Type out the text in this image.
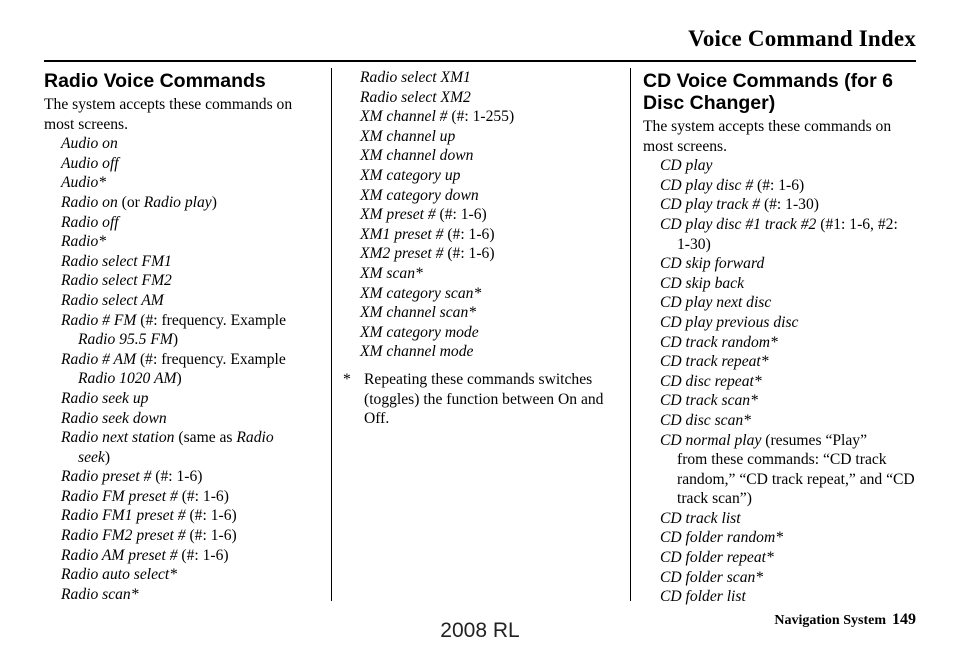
Voice Command Index
Radio Voice Commands
The system accepts these commands on most screens.
Audio on
Audio off
Audio*
Radio on (or Radio play)
Radio off
Radio*
Radio select FM1
Radio select FM2
Radio select AM
Radio # FM (#: frequency. Example
Radio 95.5 FM)
Radio # AM (#: frequency. Example
Radio 1020 AM)
Radio seek up
Radio seek down
Radio next station (same as Radio
seek)
Radio preset # (#: 1-6)
Radio FM preset # (#: 1-6)
Radio FM1 preset # (#: 1-6)
Radio FM2 preset # (#: 1-6)
Radio AM preset # (#: 1-6)
Radio auto select*
Radio scan*
Radio select XM1
Radio select XM2
XM channel # (#: 1-255)
XM channel up
XM channel down
XM category up
XM category down
XM preset # (#: 1-6)
XM1 preset # (#: 1-6)
XM2 preset # (#: 1-6)
XM scan*
XM category scan*
XM channel scan*
XM category mode
XM channel mode
* Repeating these commands switches (toggles) the function between On and Off.
CD Voice Commands (for 6 Disc Changer)
The system accepts these commands on most screens.
CD play
CD play disc # (#: 1-6)
CD play track # (#: 1-30)
CD play disc #1 track #2 (#1: 1-6, #2:
1-30)
CD skip forward
CD skip back
CD play next disc
CD play previous disc
CD track random*
CD track repeat*
CD disc repeat*
CD track scan*
CD disc scan*
CD normal play (resumes “Play”
from these commands: “CD track random,” “CD track repeat,” and “CD track scan”)
CD track list
CD folder random*
CD folder repeat*
CD folder scan*
CD folder list
Navigation System 149
2008 RL
